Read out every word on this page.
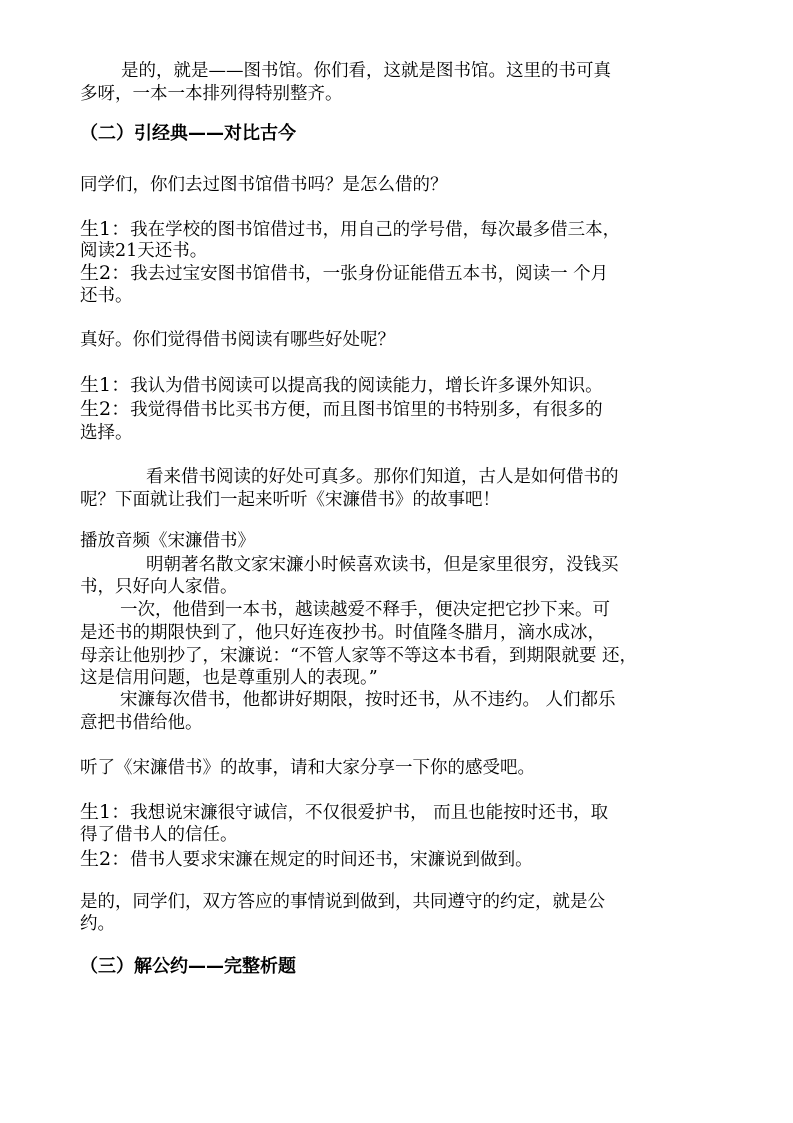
是的，就是——图书馆。你们看，这就是图书馆。这里的书可真
多呀，一本一本排列得特别整齐。
（二）引经典——对比古今
同学们，你们去过图书馆借书吗？是怎么借的？
生1：我在学校的图书馆借过书，用自己的学号借，每次最多借三本，
阅读21天还书。
生2：我去过宝安图书馆借书，一张身份证能借五本书，阅读一 个月
还书。
真好。你们觉得借书阅读有哪些好处呢？
生1：我认为借书阅读可以提高我的阅读能力，增长许多课外知识。
生2：我觉得借书比买书方便，而且图书馆里的书特别多，有很多的
选择。
看来借书阅读的好处可真多。那你们知道，古人是如何借书的
呢？下面就让我们一起来听听《宋濂借书》的故事吧！
播放音频《宋濂借书》
明朝著名散文家宋濂小时候喜欢读书，但是家里很穷，没钱买
书，只好向人家借。
一次，他借到一本书，越读越爱不释手，便决定把它抄下来。可
是还书的期限快到了，他只好连夜抄书。时值隆冬腊月，滴水成冰，
母亲让他别抄了，宋濂说：“不管人家等不等这本书看，到期限就要 还，
这是信用问题，也是尊重别人的表现。”
宋濂每次借书，他都讲好期限，按时还书，从不违约。 人们都乐
意把书借给他。
听了《宋濂借书》的故事，请和大家分享一下你的感受吧。
生1：我想说宋濂很守诚信，不仅很爱护书， 而且也能按时还书，取
得了借书人的信任。
生2：借书人要求宋濂在规定的时间还书，宋濂说到做到。
是的，同学们，双方答应的事情说到做到，共同遵守的约定，就是公
约。
（三）解公约——完整析题
